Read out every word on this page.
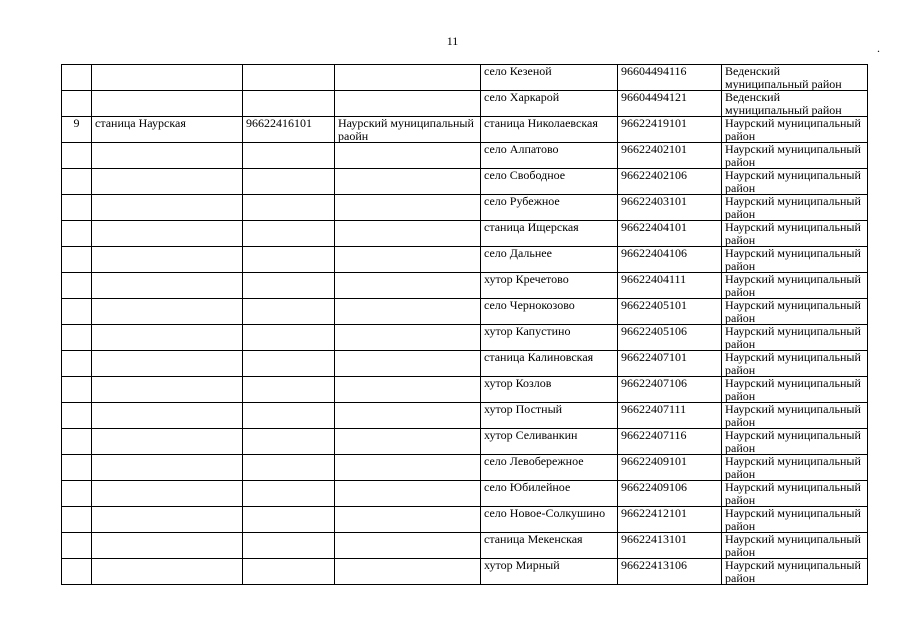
11	.
				село Кезеной	96604494116	Веденский муниципальный район
				село Харкарой	96604494121	Веденский муниципальный район
9	станица Наурская	96622416101	Наурский муниципальный раойн	станица Николаевская	96622419101	Наурский муниципальный район
				село Алпатово	96622402101	Наурский муниципальный район
				село Свободное	96622402106	Наурский муниципальный район
				село Рубежное	96622403101	Наурский муниципальный район
				станица Ищерская	96622404101	Наурский муниципальный район
				село Дальнее	96622404106	Наурский муниципальный район
				хутор Кречетово	96622404111	Наурский муниципальный район
				село Чернокозово	96622405101	Наурский муниципальный район
				хутор Капустино	96622405106	Наурский муниципальный район
				станица Калиновская	96622407101	Наурский муниципальный район
				хутор Козлов	96622407106	Наурский муниципальный район
				хутор Постный	96622407111	Наурский муниципальный район
				хутор Селиванкин	96622407116	Наурский муниципальный район
				село Левобережное	96622409101	Наурский муниципальный район
				село Юбилейное	96622409106	Наурский муниципальный район
				село Новое-Солкушино	96622412101	Наурский муниципальный район
				станица Мекенская	96622413101	Наурский муниципальный район
				хутор Мирный	96622413106	Наурский муниципальный район
